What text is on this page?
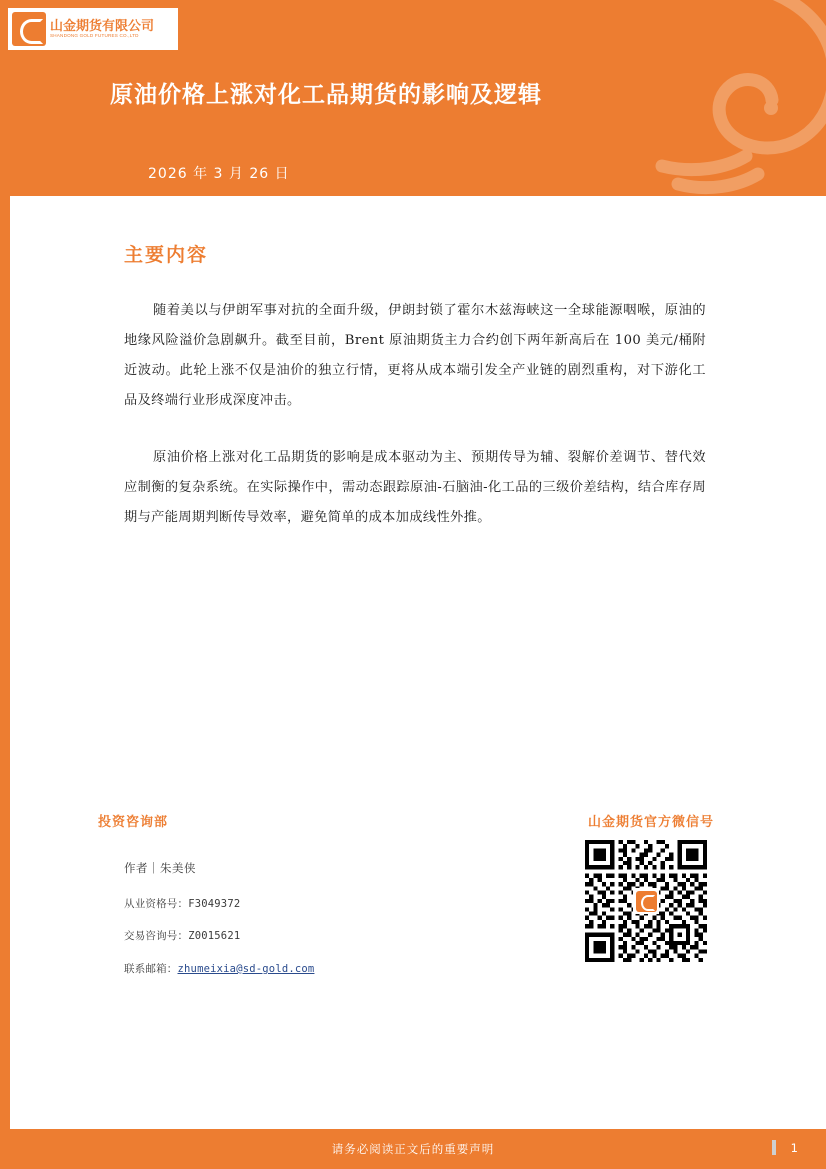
山金期货有限公司
SHANDONG GOLD FUTURES CO.,LTD
原油价格上涨对化工品期货的影响及逻辑
2026 年 3 月 26 日
主要内容
随着美以与伊朗军事对抗的全面升级，伊朗封锁了霍尔木兹海峡这一全球能源咽喉，原油的地缘风险溢价急剧飙升。截至目前，Brent 原油期货主力合约创下两年新高后在 100 美元/桶附近波动。此轮上涨不仅是油价的独立行情，更将从成本端引发全产业链的剧烈重构，对下游化工品及终端行业形成深度冲击。
原油价格上涨对化工品期货的影响是成本驱动为主、预期传导为辅、裂解价差调节、替代效应制衡的复杂系统。在实际操作中，需动态跟踪原油-石脑油-化工品的三级价差结构，结合库存周期与产能周期判断传导效率，避免简单的成本加成线性外推。
投资咨询部
作者｜朱美侠
从业资格号：F3049372
交易咨询号：Z0015621
联系邮箱：zhumeixia@sd-gold.com
山金期货官方微信号
请务必阅读正文后的重要声明	1
